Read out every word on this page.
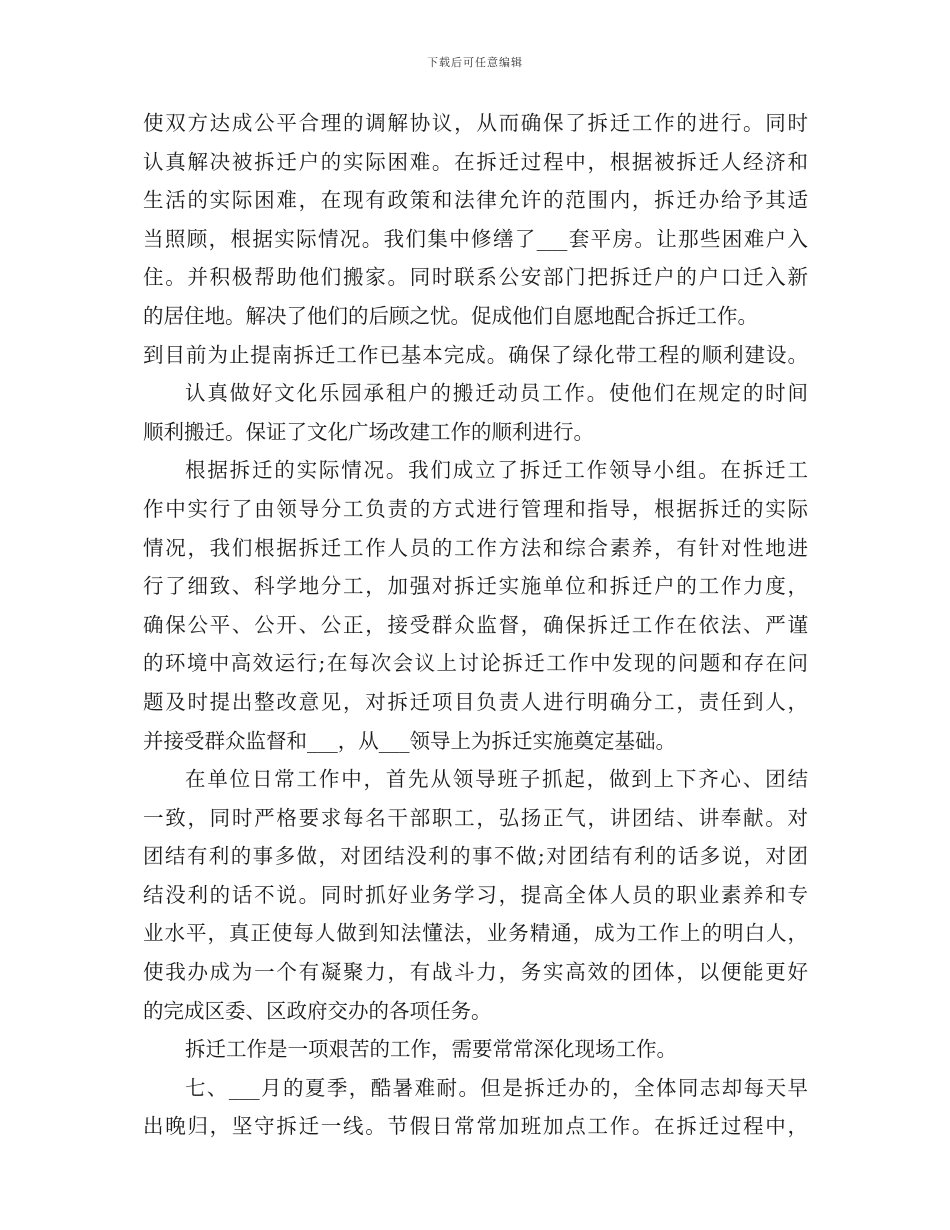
下载后可任意编辑
使双方达成公平合理的调解协议，从而确保了拆迁工作的进行。同时
认真解决被拆迁户的实际困难。在拆迁过程中，根据被拆迁人经济和
生活的实际困难，在现有政策和法律允许的范围内，拆迁办给予其适
当照顾，根据实际情况。我们集中修缮了___套平房。让那些困难户入
住。并积极帮助他们搬家。同时联系公安部门把拆迁户的户口迁入新
的居住地。解决了他们的后顾之忧。促成他们自愿地配合拆迁工作。
到目前为止提南拆迁工作已基本完成。确保了绿化带工程的顺利建设。
认真做好文化乐园承租户的搬迁动员工作。使他们在规定的时间
顺利搬迁。保证了文化广场改建工作的顺利进行。
根据拆迁的实际情况。我们成立了拆迁工作领导小组。在拆迁工
作中实行了由领导分工负责的方式进行管理和指导，根据拆迁的实际
情况，我们根据拆迁工作人员的工作方法和综合素养，有针对性地进
行了细致、科学地分工，加强对拆迁实施单位和拆迁户的工作力度，
确保公平、公开、公正，接受群众监督，确保拆迁工作在依法、严谨
的环境中高效运行;在每次会议上讨论拆迁工作中发现的问题和存在问
题及时提出整改意见，对拆迁项目负责人进行明确分工，责任到人，
并接受群众监督和___，从___领导上为拆迁实施奠定基础。
在单位日常工作中，首先从领导班子抓起，做到上下齐心、团结
一致，同时严格要求每名干部职工，弘扬正气，讲团结、讲奉献。对
团结有利的事多做，对团结没利的事不做;对团结有利的话多说，对团
结没利的话不说。同时抓好业务学习，提高全体人员的职业素养和专
业水平，真正使每人做到知法懂法，业务精通，成为工作上的明白人，
使我办成为一个有凝聚力，有战斗力，务实高效的团体，以便能更好
的完成区委、区政府交办的各项任务。
拆迁工作是一项艰苦的工作，需要常常深化现场工作。
七、___月的夏季，酷暑难耐。但是拆迁办的，全体同志却每天早
出晚归，坚守拆迁一线。节假日常常加班加点工作。在拆迁过程中，
